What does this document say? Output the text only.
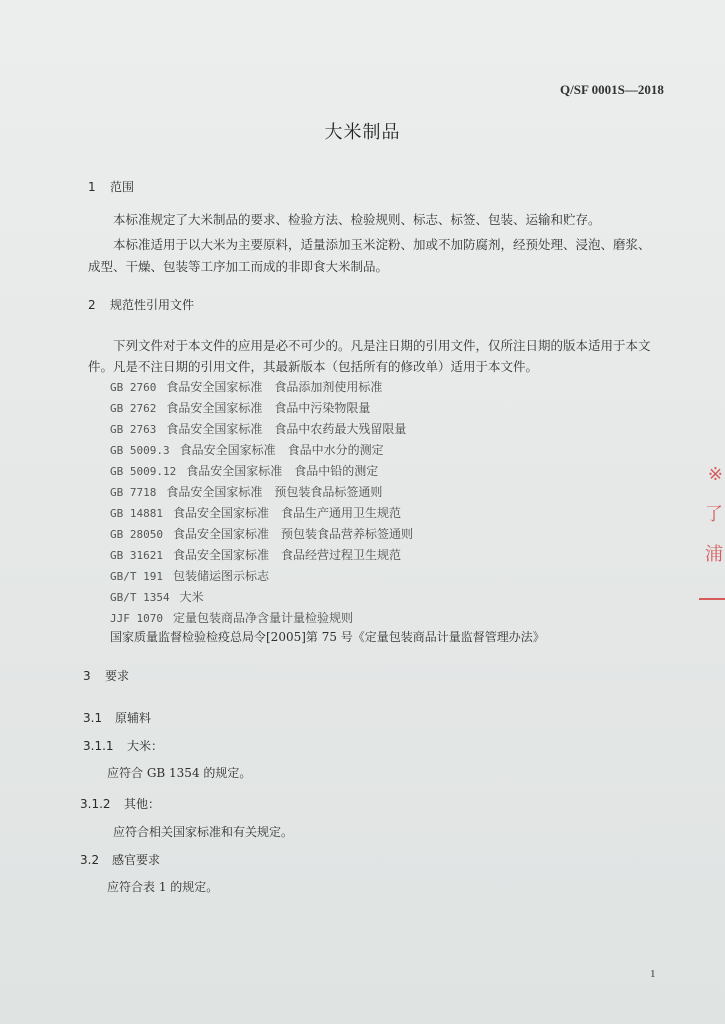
Q/SF 0001S—2018
大米制品
1 范围
本标准规定了大米制品的要求、检验方法、检验规则、标志、标签、包装、运输和贮存。
本标准适用于以大米为主要原料，适量添加玉米淀粉、加或不加防腐剂，经预处理、浸泡、磨浆、
成型、干燥、包装等工序加工而成的非即食大米制品。
2 规范性引用文件
下列文件对于本文件的应用是必不可少的。凡是注日期的引用文件，仅所注日期的版本适用于本文
件。凡是不注日期的引用文件，其最新版本（包括所有的修改单）适用于本文件。
GB 2760 食品安全国家标准　食品添加剂使用标准
GB 2762 食品安全国家标准　食品中污染物限量
GB 2763 食品安全国家标准　食品中农药最大残留限量
GB 5009.3 食品安全国家标准　食品中水分的测定
GB 5009.12 食品安全国家标准　食品中铅的测定
GB 7718 食品安全国家标准　预包装食品标签通则
GB 14881 食品安全国家标准　食品生产通用卫生规范
GB 28050 食品安全国家标准　预包装食品营养标签通则
GB 31621 食品安全国家标准　食品经营过程卫生规范
GB/T 191 包装储运图示标志
GB/T 1354 大米
JJF 1070 定量包装商品净含量计量检验规则
国家质量监督检验检疫总局令[2005]第 75 号《定量包装商品计量监督管理办法》
3 要求
3.1 原辅料
3.1.1 大米：
应符合 GB 1354 的规定。
3.1.2 其他：
应符合相关国家标准和有关规定。
3.2 感官要求
应符合表 1 的规定。
1
※
了
浦
